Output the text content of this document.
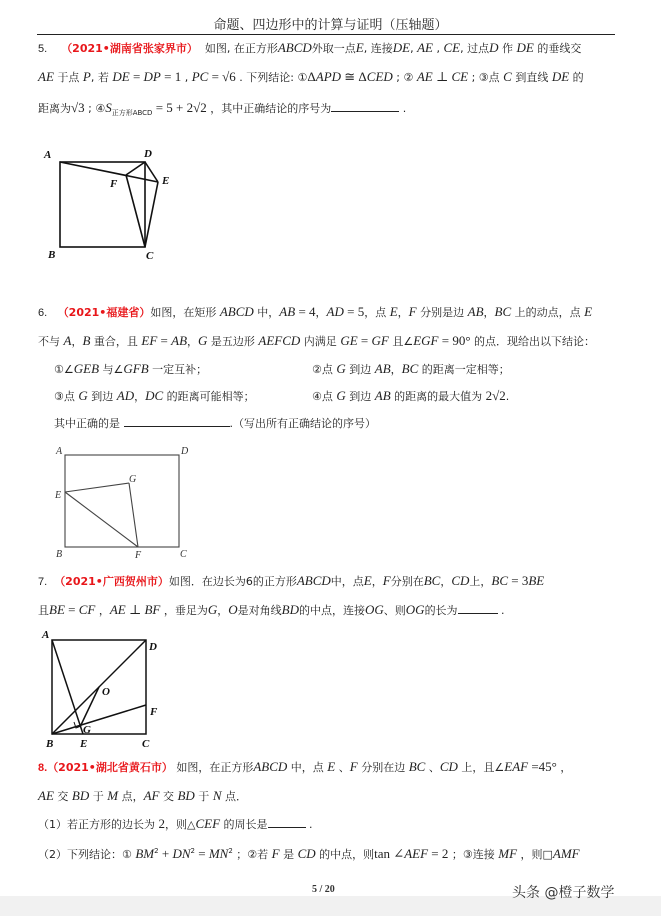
命题、四边形中的计算与证明（压轴题）
5. （2021•湖南省张家界市） 如图, 在正方形ABCD外取一点E, 连接DE, AE , CE, 过点D 作 DE 的垂线交
AE 于点 P, 若 DE = DP = 1 , PC = √6 . 下列结论: ①ΔAPD ≅ ΔCED ; ② AE ⊥ CE ; ③点 C 到直线 DE 的
距离为√3 ; $④S_{正方形ABCD} = 5 + 2√2$ ，其中正确结论的序号为	.
A	D
F	E
B	C
6. （2021•福建省）如图，在矩形 ABCD 中，AB = 4，AD = 5，点 E，F 分别是边 AB，BC 上的动点，点 E
不与 A，B 重合，且 EF = AB，G 是五边形 AEFCD 内满足 GE = GF 且∠EGF = 90° 的点．现给出以下结论：
①∠GEB 与∠GFB 一定互补；	②点 G 到边 AB，BC 的距离一定相等；
③点 G 到边 AD，DC 的距离可能相等；	④点 G 到边 AB 的距离的最大值为 2√2.
其中正确的是	.（写出所有正确结论的序号）
A	D
G
E
B	F	C
7. （2021•广西贺州市）如图．在边长为6的正方形ABCD中，点E，F分别在BC，CD上，BC = 3BE
且BE = CF ，AE ⊥ BF ，垂足为G，O是对角线BD的中点，连接OG、则OG的长为	.
A
D
O
F
G
B E	C
8.（2021•湖北省黄石市） 如图，在正方形ABCD 中，点 E 、F 分别在边 BC 、CD 上，且∠EAF =45° ，
AE 交 BD 于 M 点，AF 交 BD 于 N 点．
（1）若正方形的边长为 2，则△CEF 的周长是	.
（2）下列结论：① $BM^2 + DN^2 = MN^2$ ；②若 F 是 CD 的中点，则tan ∠AEF = 2 ；③连接 MF ，则□AMF
5 / 20	头条 @橙子数学
